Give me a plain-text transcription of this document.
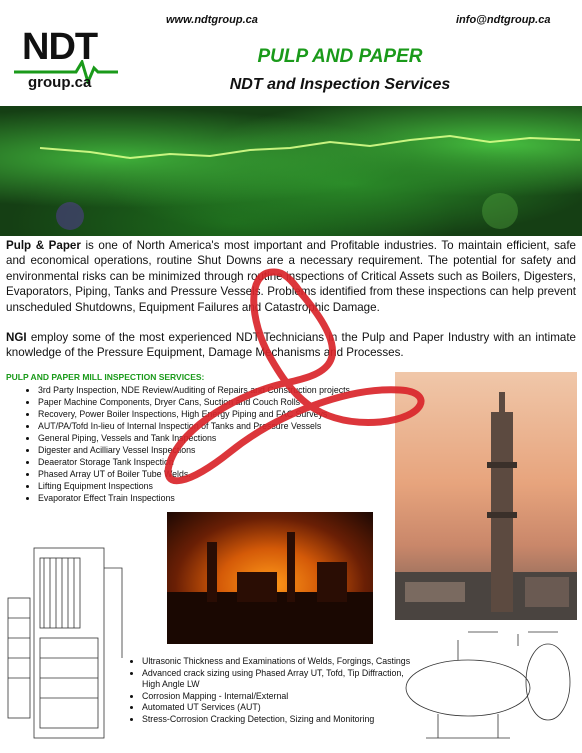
NDT
group.ca
www.ndtgroup.ca	info@ndtgroup.ca
PULP AND PAPER
NDT and Inspection Services
Pulp & Paper is one of North America's most important and Profitable industries. To maintain efficient, safe and economical operations, routine Shut Downs are a necessary requirement. The potential for safety and environmental risks can be minimized through routine inspections of Critical Assets such as Boilers, Digesters, Evaporators, Piping, Tanks and Pressure Vessels. Problems identified from these inspections can help prevent unscheduled Shutdowns, Equipment Failures and Catastrophic Damage.
NGI employ some of the most experienced NDT Technicians in the Pulp and Paper Industry with an intimate knowledge of the Pressure Equipment, Damage Mechanisms and Processes.
PULP AND PAPER MILL INSPECTION SERVICES:
• 3rd Party Inspection, NDE Review/Auditing of Repairs and Construction projects
• Paper Machine Components, Dryer Cans, Suction and Couch Rolls
• Recovery, Power Boiler Inspections, High Energy Piping and FAC Surveys
• AUT/PA/Tofd In-lieu of Internal Inspection of Tanks and Pressure Vessels
• General Piping, Vessels and Tank Inspections
• Digester and Acilliary Vessel Inspections
• Deaerator Storage Tank Inspection
• Phased Array UT of Boiler Tube Welds.
• Lifting Equipment Inspections
• Evaporator Effect Train Inspections
• Ultrasonic Thickness and Examinations of Welds, Forgings, Castings
• Advanced crack sizing using Phased Array UT, Tofd, Tip Diffraction, High Angle LW
• Corrosion Mapping - Internal/External
• Automated UT Services (AUT)
• Stress-Corrosion Cracking Detection, Sizing and Monitoring
